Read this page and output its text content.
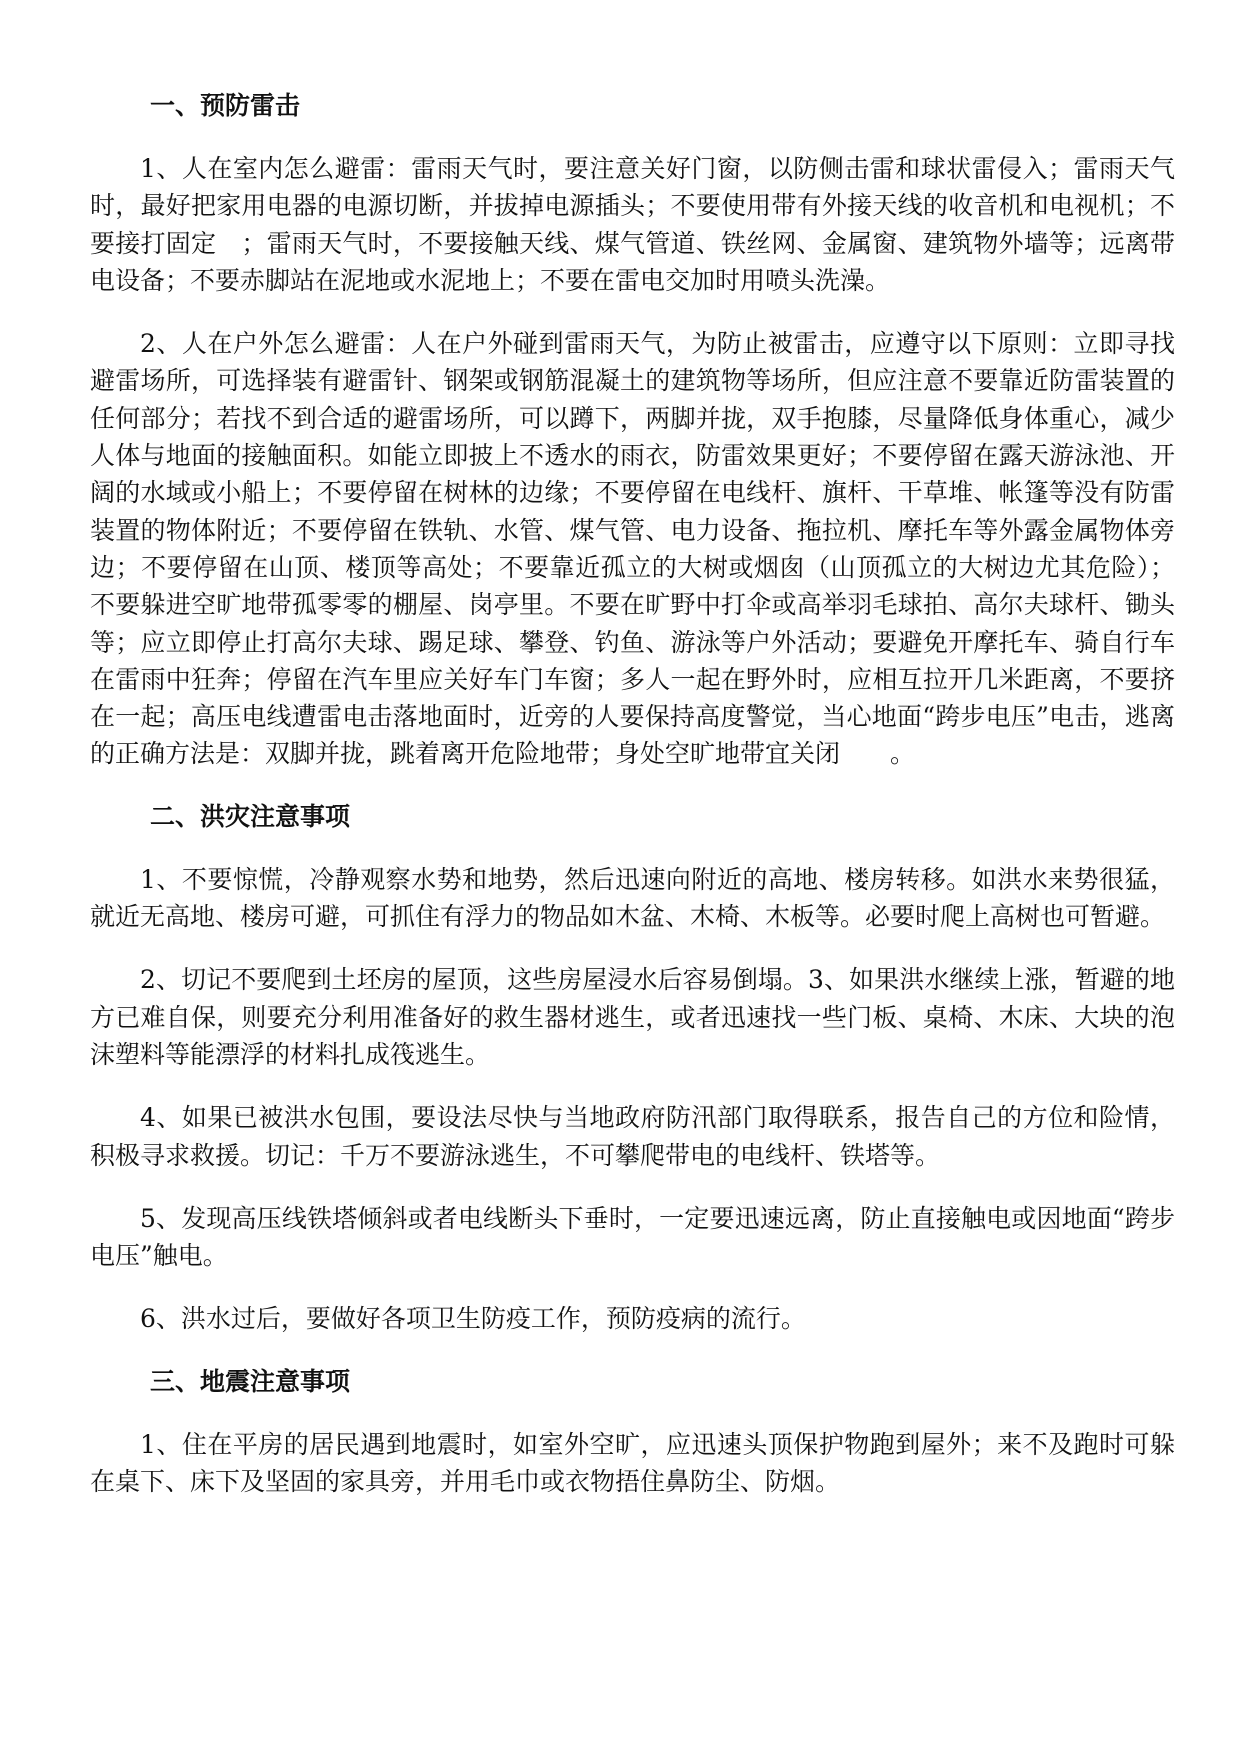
一、预防雷击

1、人在室内怎么避雷：雷雨天气时，要注意关好门窗，以防侧击雷和球状雷侵入；雷雨天气时，最好把家用电器的电源切断，并拔掉电源插头；不要使用带有外接天线的收音机和电视机；不要接打固定　；雷雨天气时，不要接触天线、煤气管道、铁丝网、金属窗、建筑物外墙等；远离带电设备；不要赤脚站在泥地或水泥地上；不要在雷电交加时用喷头洗澡。

2、人在户外怎么避雷：人在户外碰到雷雨天气，为防止被雷击，应遵守以下原则：立即寻找避雷场所，可选择装有避雷针、钢架或钢筋混凝土的建筑物等场所，但应注意不要靠近防雷装置的任何部分；若找不到合适的避雷场所，可以蹲下，两脚并拢，双手抱膝，尽量降低身体重心，减少人体与地面的接触面积。如能立即披上不透水的雨衣，防雷效果更好；不要停留在露天游泳池、开阔的水域或小船上；不要停留在树林的边缘；不要停留在电线杆、旗杆、干草堆、帐篷等没有防雷装置的物体附近；不要停留在铁轨、水管、煤气管、电力设备、拖拉机、摩托车等外露金属物体旁边；不要停留在山顶、楼顶等高处；不要靠近孤立的大树或烟囱（山顶孤立的大树边尤其危险）；不要躲进空旷地带孤零零的棚屋、岗亭里。不要在旷野中打伞或高举羽毛球拍、高尔夫球杆、锄头等；应立即停止打高尔夫球、踢足球、攀登、钓鱼、游泳等户外活动；要避免开摩托车、骑自行车在雷雨中狂奔；停留在汽车里应关好车门车窗；多人一起在野外时，应相互拉开几米距离，不要挤在一起；高压电线遭雷电击落地面时，近旁的人要保持高度警觉，当心地面“跨步电压”电击，逃离的正确方法是：双脚并拢，跳着离开危险地带；身处空旷地带宜关闭　　。

二、洪灾注意事项

1、不要惊慌，冷静观察水势和地势，然后迅速向附近的高地、楼房转移。如洪水来势很猛，就近无高地、楼房可避，可抓住有浮力的物品如木盆、木椅、木板等。必要时爬上高树也可暂避。

2、切记不要爬到土坯房的屋顶，这些房屋浸水后容易倒塌。3、如果洪水继续上涨，暂避的地方已难自保，则要充分利用准备好的救生器材逃生，或者迅速找一些门板、桌椅、木床、大块的泡沫塑料等能漂浮的材料扎成筏逃生。

4、如果已被洪水包围，要设法尽快与当地政府防汛部门取得联系，报告自己的方位和险情，积极寻求救援。切记：千万不要游泳逃生，不可攀爬带电的电线杆、铁塔等。

5、发现高压线铁塔倾斜或者电线断头下垂时，一定要迅速远离，防止直接触电或因地面“跨步电压”触电。

6、洪水过后，要做好各项卫生防疫工作，预防疫病的流行。

三、地震注意事项

1、住在平房的居民遇到地震时，如室外空旷，应迅速头顶保护物跑到屋外；来不及跑时可躲在桌下、床下及坚固的家具旁，并用毛巾或衣物捂住鼻防尘、防烟。
